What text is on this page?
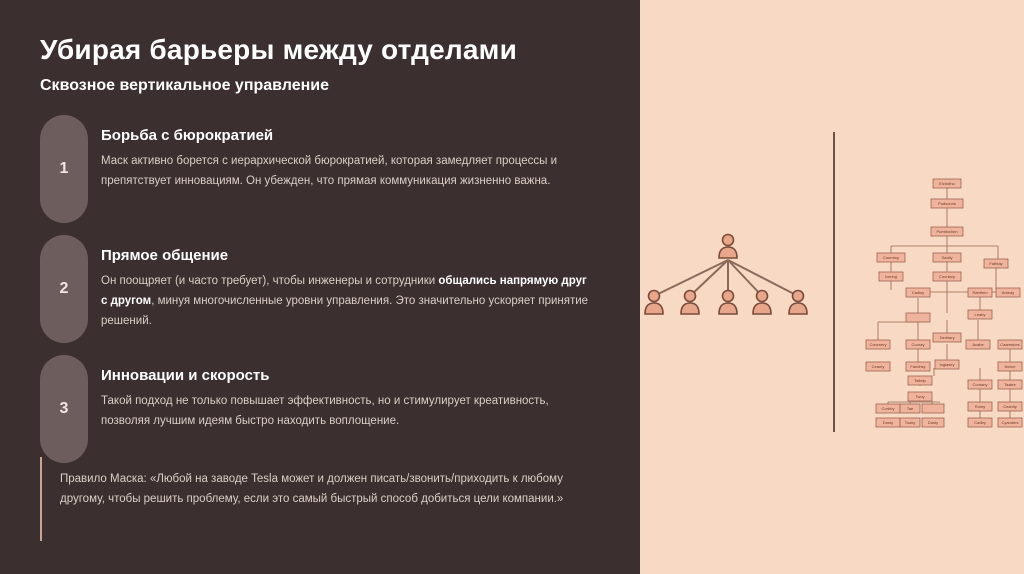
Убирая барьеры между отделами
Сквозное вертикальное управление
1
Борьба с бюрократией

Маск активно борется с иерархической бюрократией, которая замедляет процессы и препятствует инновациям. Он убежден, что прямая коммуникация жизненно важна.

2
Прямое общение

Он поощряет (и часто требует), чтобы инженеры и сотрудники общались напрямую друг с другом, минуя многочисленные уровни управления. Это значительно ускоряет принятие решений.

3
Инновации и скорость

Такой подход не только повышает эффективность, но и стимулирует креативность, позволяя лучшим идеям быстро находить воплощение.

Правило Маска: «Любой на заводе Tesla может и должен писать/звонить/приходить к любому другому, чтобы решить проблему, если это самый быстрый способ добиться цели компании.»

Elchotho
Pudsonns
Pumtinchen
Coumtoy	Saotly
Fathtay
Iverlng	Coonlary
Cadlsy	Rantheo	Aoteay
Leaby
Concnery	Cooray
Tantlrary
Acabe	Caarestors
Ceanty	Fandhsy	Inglasiry
Taiteip
Twoy
Comany	Taalee
Ibnine
Corbby	Tae	Ronty	Ceanity
Dosty	Tooky	Dosty	Cadby	Cyanders
